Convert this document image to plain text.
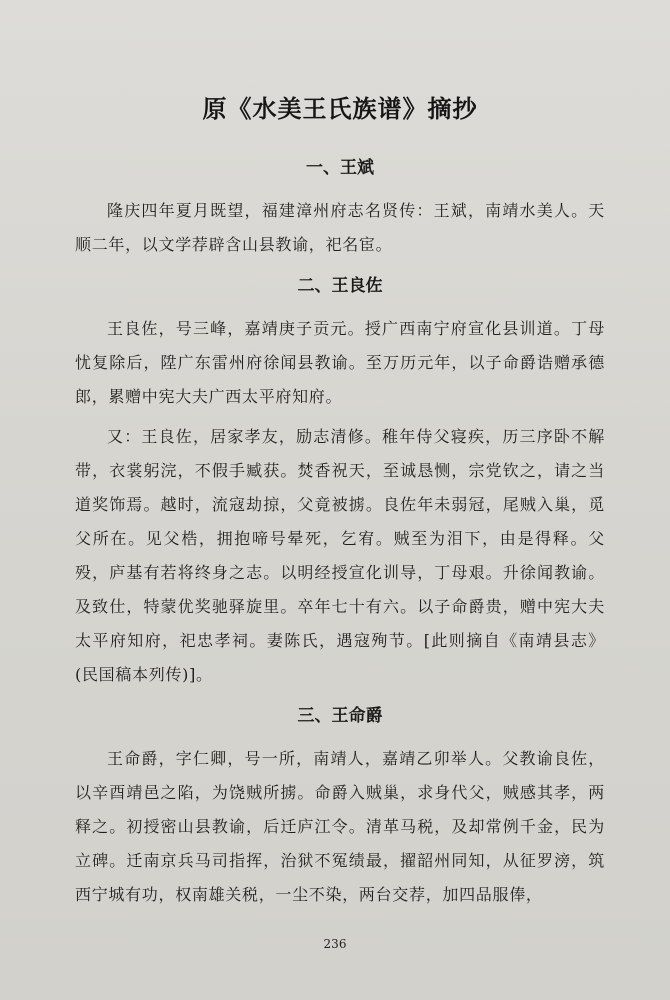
原《水美王氏族谱》摘抄
一、王斌

隆庆四年夏月既望，福建漳州府志名贤传：王斌，南靖水美人。天顺二年，以文学荐辟含山县教谕，祀名宦。

二、王良佐

王良佐，号三峰，嘉靖庚子贡元。授广西南宁府宣化县训道。丁母忧复除后，陞广东雷州府徐闻县教谕。至万历元年，以子命爵诰赠承德郎，累赠中宪大夫广西太平府知府。

又：王良佐，居家孝友，励志清修。稚年侍父寝疾，历三序卧不解带，衣裳躬浣，不假手臧获。焚香祝天，至诚恳恻，宗党钦之，请之当道奖饰焉。越时，流寇劫掠，父竟被掳。良佐年未弱冠，尾贼入巢，觅父所在。见父梏，拥抱啼号晕死，乞宥。贼至为泪下，由是得释。父殁，庐基有若将终身之志。以明经授宣化训导，丁母艰。升徐闻教谕。及致仕，特蒙优奖驰驿旋里。卒年七十有六。以子命爵贵，赠中宪大夫太平府知府，祀忠孝祠。妻陈氏，遇寇殉节。[此则摘自《南靖县志》(民国稿本列传)]。

三、王命爵

王命爵，字仁卿，号一所，南靖人，嘉靖乙卯举人。父教谕良佐，以辛酉靖邑之陷，为饶贼所掳。命爵入贼巢，求身代父，贼感其孝，两释之。初授密山县教谕，后迁庐江令。清革马税，及却常例千金，民为立碑。迁南京兵马司指挥，治狱不冤绩最，擢韶州同知，从征罗滂，筑西宁城有功，权南雄关税，一尘不染，两台交荐，加四品服俸，

236
